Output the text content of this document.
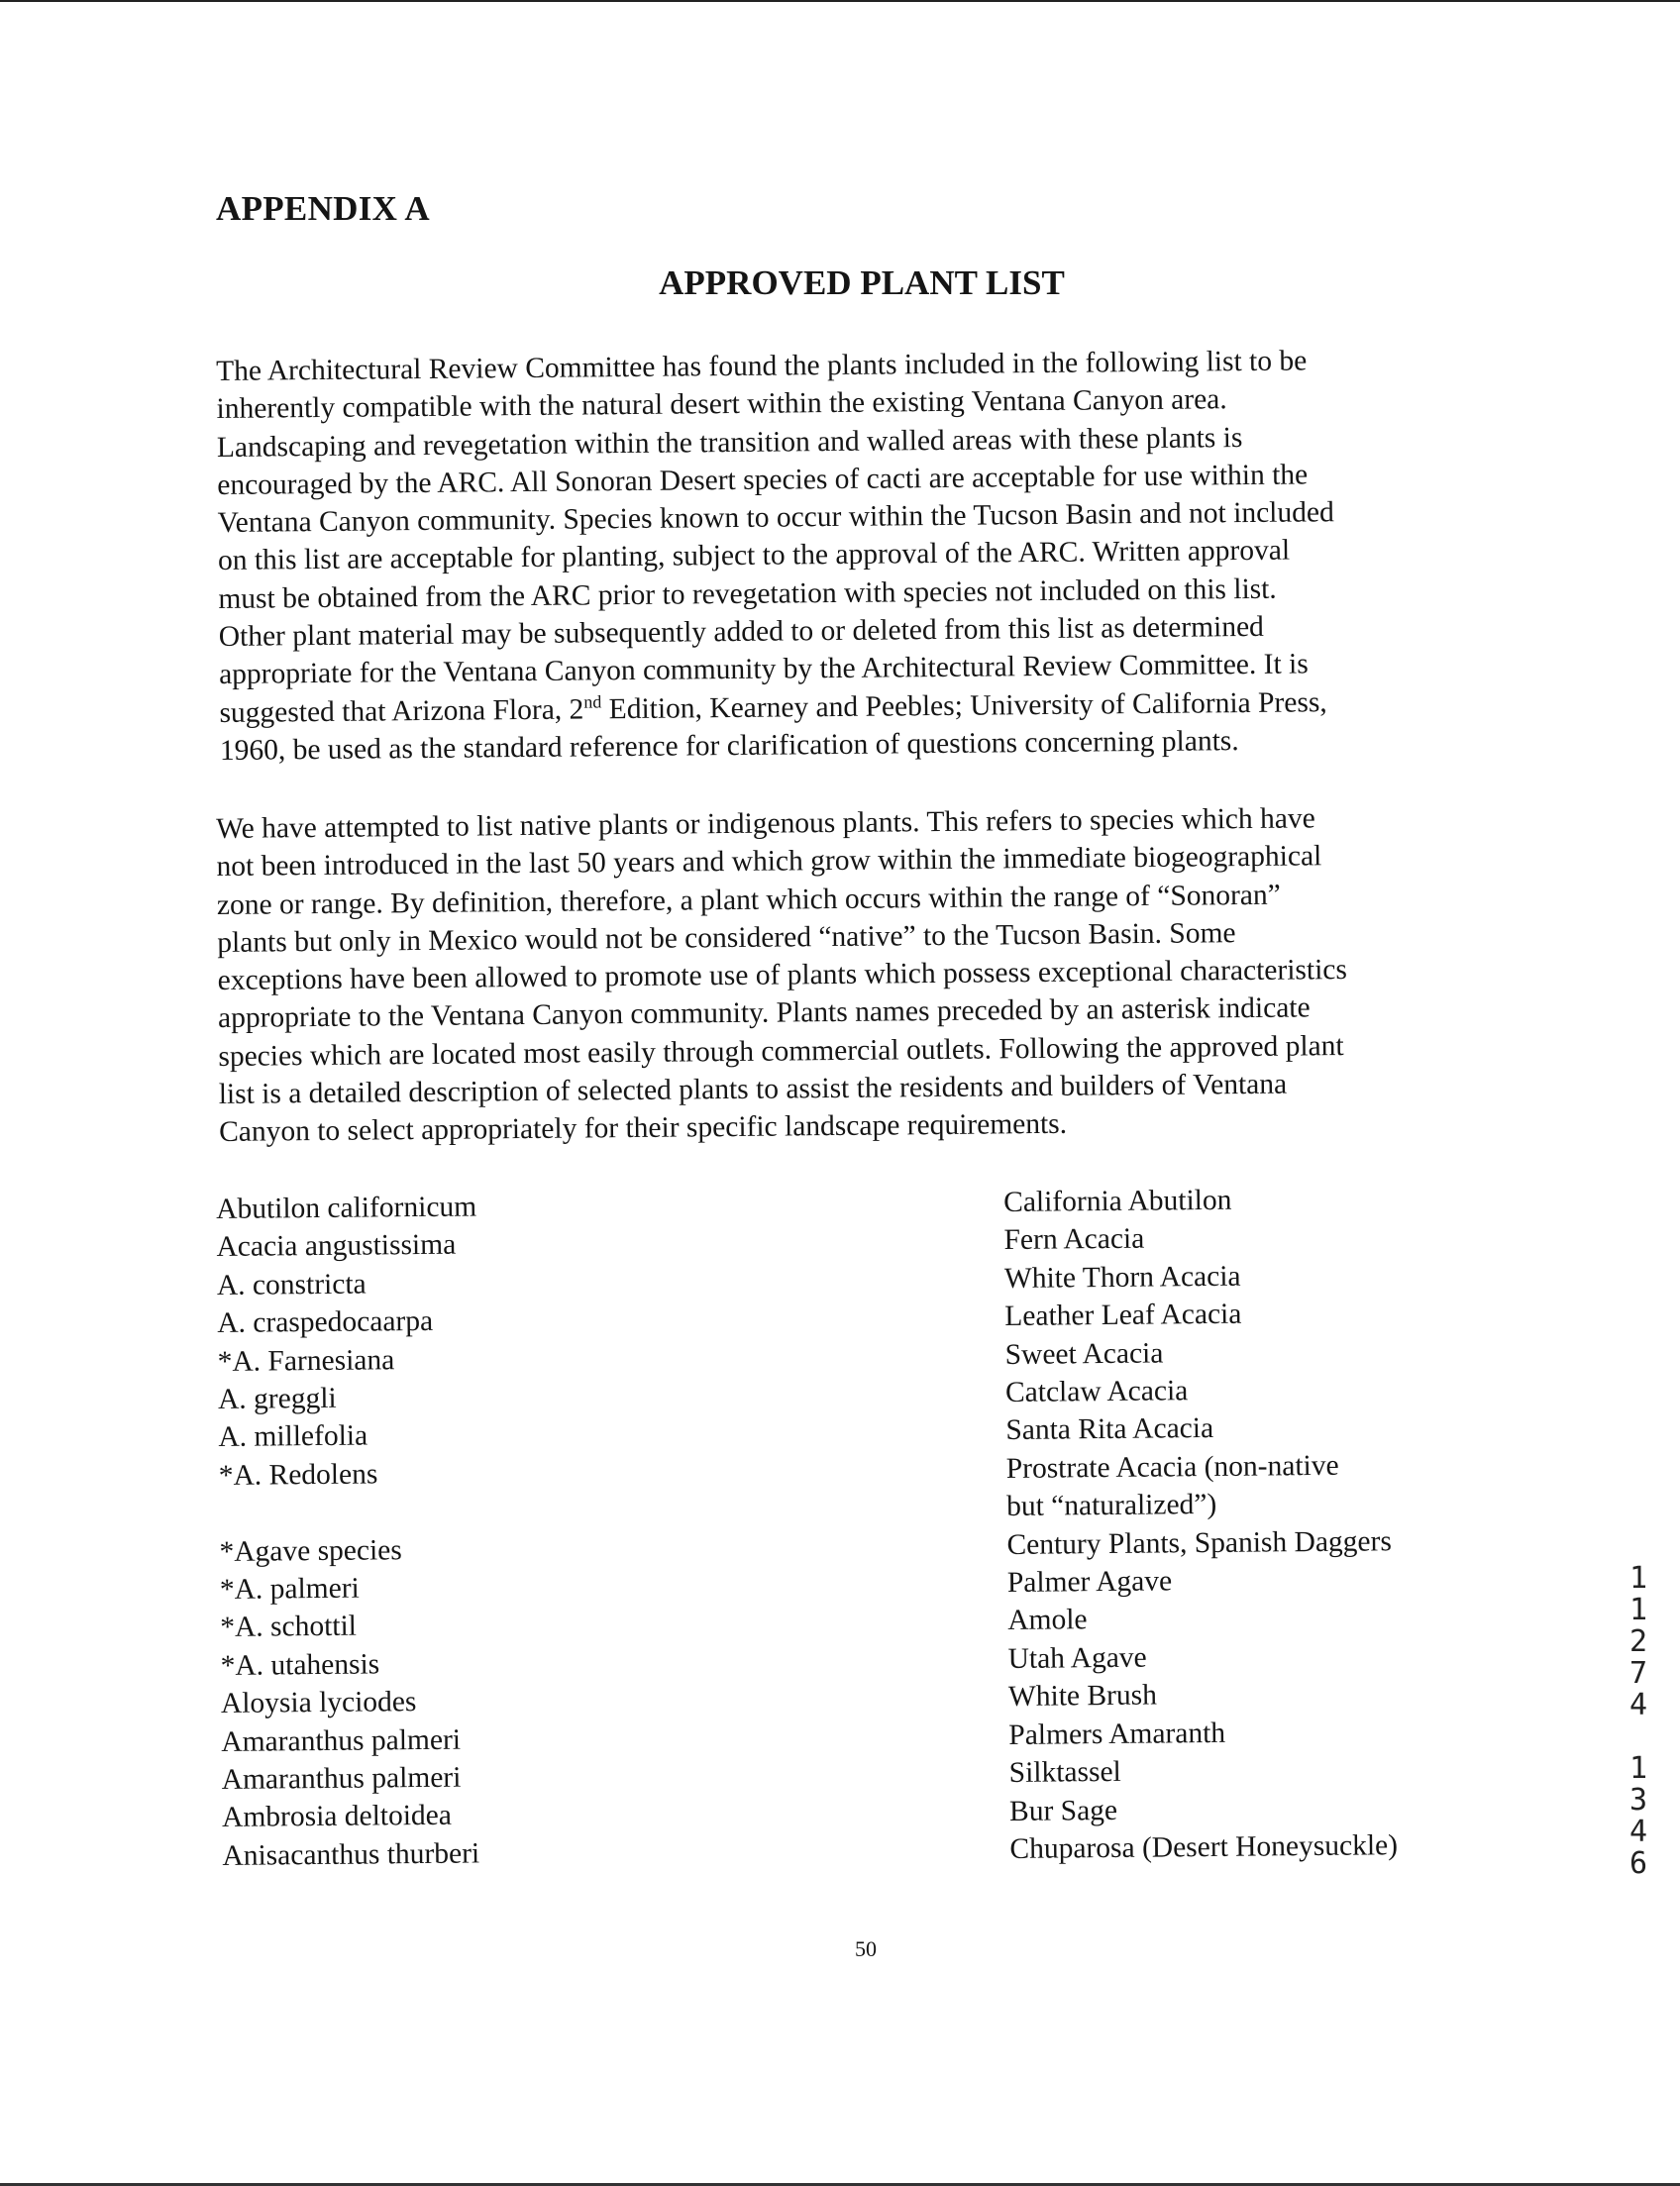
APPENDIX A
APPROVED PLANT LIST

The Architectural Review Committee has found the plants included in the following list to be
inherently compatible with the natural desert within the existing Ventana Canyon area.
Landscaping and revegetation within the transition and walled areas with these plants is
encouraged by the ARC. All Sonoran Desert species of cacti are acceptable for use within the
Ventana Canyon community. Species known to occur within the Tucson Basin and not included
on this list are acceptable for planting, subject to the approval of the ARC. Written approval
must be obtained from the ARC prior to revegetation with species not included on this list.
Other plant material may be subsequently added to or deleted from this list as determined
appropriate for the Ventana Canyon community by the Architectural Review Committee. It is
suggested that Arizona Flora, 2nd Edition, Kearney and Peebles; University of California Press,
1960, be used as the standard reference for clarification of questions concerning plants.

We have attempted to list native plants or indigenous plants. This refers to species which have
not been introduced in the last 50 years and which grow within the immediate biogeographical
zone or range. By definition, therefore, a plant which occurs within the range of “Sonoran”
plants but only in Mexico would not be considered “native” to the Tucson Basin. Some
exceptions have been allowed to promote use of plants which possess exceptional characteristics
appropriate to the Ventana Canyon community. Plants names preceded by an asterisk indicate
species which are located most easily through commercial outlets. Following the approved plant
list is a detailed description of selected plants to assist the residents and builders of Ventana
Canyon to select appropriately for their specific landscape requirements.

Abutilon californicum
Acacia angustissima
A. constricta
A. craspedocaarpa
*A. Farnesiana
A. greggli
A. millefolia
*A. Redolens
*Agave species
*A. palmeri
*A. schottil
*A. utahensis
Aloysia lyciodes
Amaranthus palmeri
Amaranthus palmeri
Ambrosia deltoidea
Anisacanthus thurberi
California Abutilon
Fern Acacia
White Thorn Acacia
Leather Leaf Acacia
Sweet Acacia
Catclaw Acacia
Santa Rita Acacia
Prostrate Acacia (non-native
but “naturalized”)
Century Plants, Spanish Daggers
Palmer Agave
Amole
Utah Agave
White Brush
Palmers Amaranth
Silktassel
Bur Sage
Chuparosa (Desert Honeysuckle)
50
1
1
2
7
4

1
3
4
6
